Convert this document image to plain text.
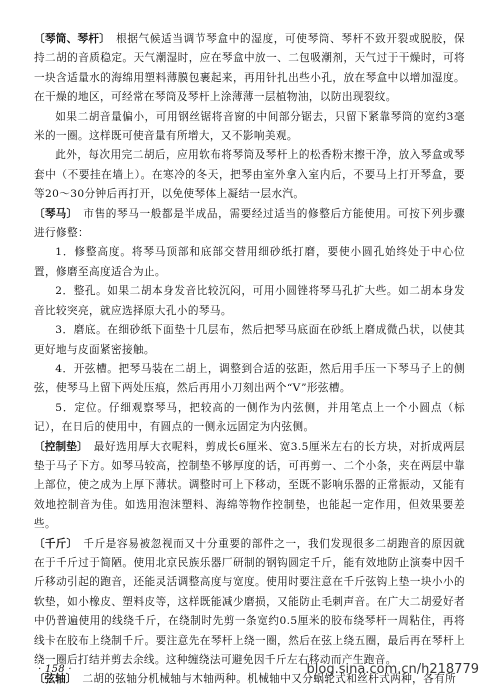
〔琴筒、琴杆〕 根据气候适当调节琴盒中的湿度，可使琴筒、琴杆不致开裂或脱胶，保持二胡的音质稳定。天气潮湿时，应在琴盒中放一、二包吸潮剂，天气过于干燥时，可将一块含适量水的海绵用塑料薄膜包裹起来，再用针扎出些小孔，放在琴盒中以增加湿度。在干燥的地区，可经常在琴筒及琴杆上涂薄薄一层植物油，以防出现裂纹。

如果二胡音量偏小，可用钢丝锯将音窗的中间部分锯去，只留下紧靠琴筒的宽约3毫米的一圈。这样既可使音量有所增大，又不影响美观。

此外，每次用完二胡后，应用软布将琴筒及琴杆上的松香粉末擦干净，放入琴盒或琴套中（不要挂在墙上）。在寒冷的冬天，把琴由室外拿入室内后，不要马上打开琴盒，要等20～30分钟后再打开，以免使琴体上凝结一层水汽。

〔琴马〕 市售的琴马一般都是半成品，需要经过适当的修整后方能使用。可按下列步骤进行修整：

1．修整高度。将琴马顶部和底部交替用细砂纸打磨，要使小圆孔始终处于中心位置，修磨至高度适合为止。

2．整孔。如果二胡本身发音比较沉闷，可用小圆锉将琴马孔扩大些。如二胡本身发音比较突亮，就应选择原大孔小的琴马。

3．磨底。在细砂纸下面垫十几层布，然后把琴马底面在砂纸上磨成微凸状，以使其更好地与皮面紧密接触。

4．开弦槽。把琴马装在二胡上，调整到合适的弦距，然后用手压一下琴马子上的侧弦，使琴马上留下两处压痕，然后再用小刀刻出两个“V”形弦槽。

5．定位。仔细观察琴马，把较高的一侧作为内弦侧，并用笔点上一个小圆点（标记），在日后的使用中，有圆点的一侧永远固定为内弦侧。

〔控制垫〕 最好选用厚大衣呢料，剪成长6厘米、宽3.5厘米左右的长方块，对折成两层垫于马子下方。如琴马较高，控制垫不够厚度的话，可再剪一、二个小条，夹在两层中靠上部位，使之成为上厚下薄状。调整时可上下移动，至既不影响乐器的正常振动，又能有效地控制音为佳。如选用泡沫塑料、海绵等物作控制垫，也能起一定作用，但效果要差些。

〔千斤〕 千斤是容易被忽视而又十分重要的部件之一，我们发现很多二胡跑音的原因就在于千斤过于简陋。使用北京民族乐器厂研制的钢钩圆定千斤，能有效地防止演奏中因千斤移动引起的跑音，还能灵活调整高度与宽度。使用时要注意在千斤弦钩上垫一块小小的软垫，如小橡皮、塑料皮等，这样既能减少磨损，又能防止毛刺声音。在广大二胡爱好者中仍普遍使用的线绕千斤，在绕制时先剪一条宽约0.5厘米的胶布绕琴杆一周粘住，再将线卡在胶布上绕制千斤。要注意先在琴杆上绕一圈，然后在弦上绕五圈，最后再在琴杆上绕一圈后打结并剪去余线。这种缠绕法可避免因千斤左右移动而产生跑音。

〔弦轴〕 二胡的弦轴分机械轴与木轴两种。机械轴中又分蜗轮式和丝杆式两种，各有所

· 158 ·	blog.sina.com.cn/h218779
